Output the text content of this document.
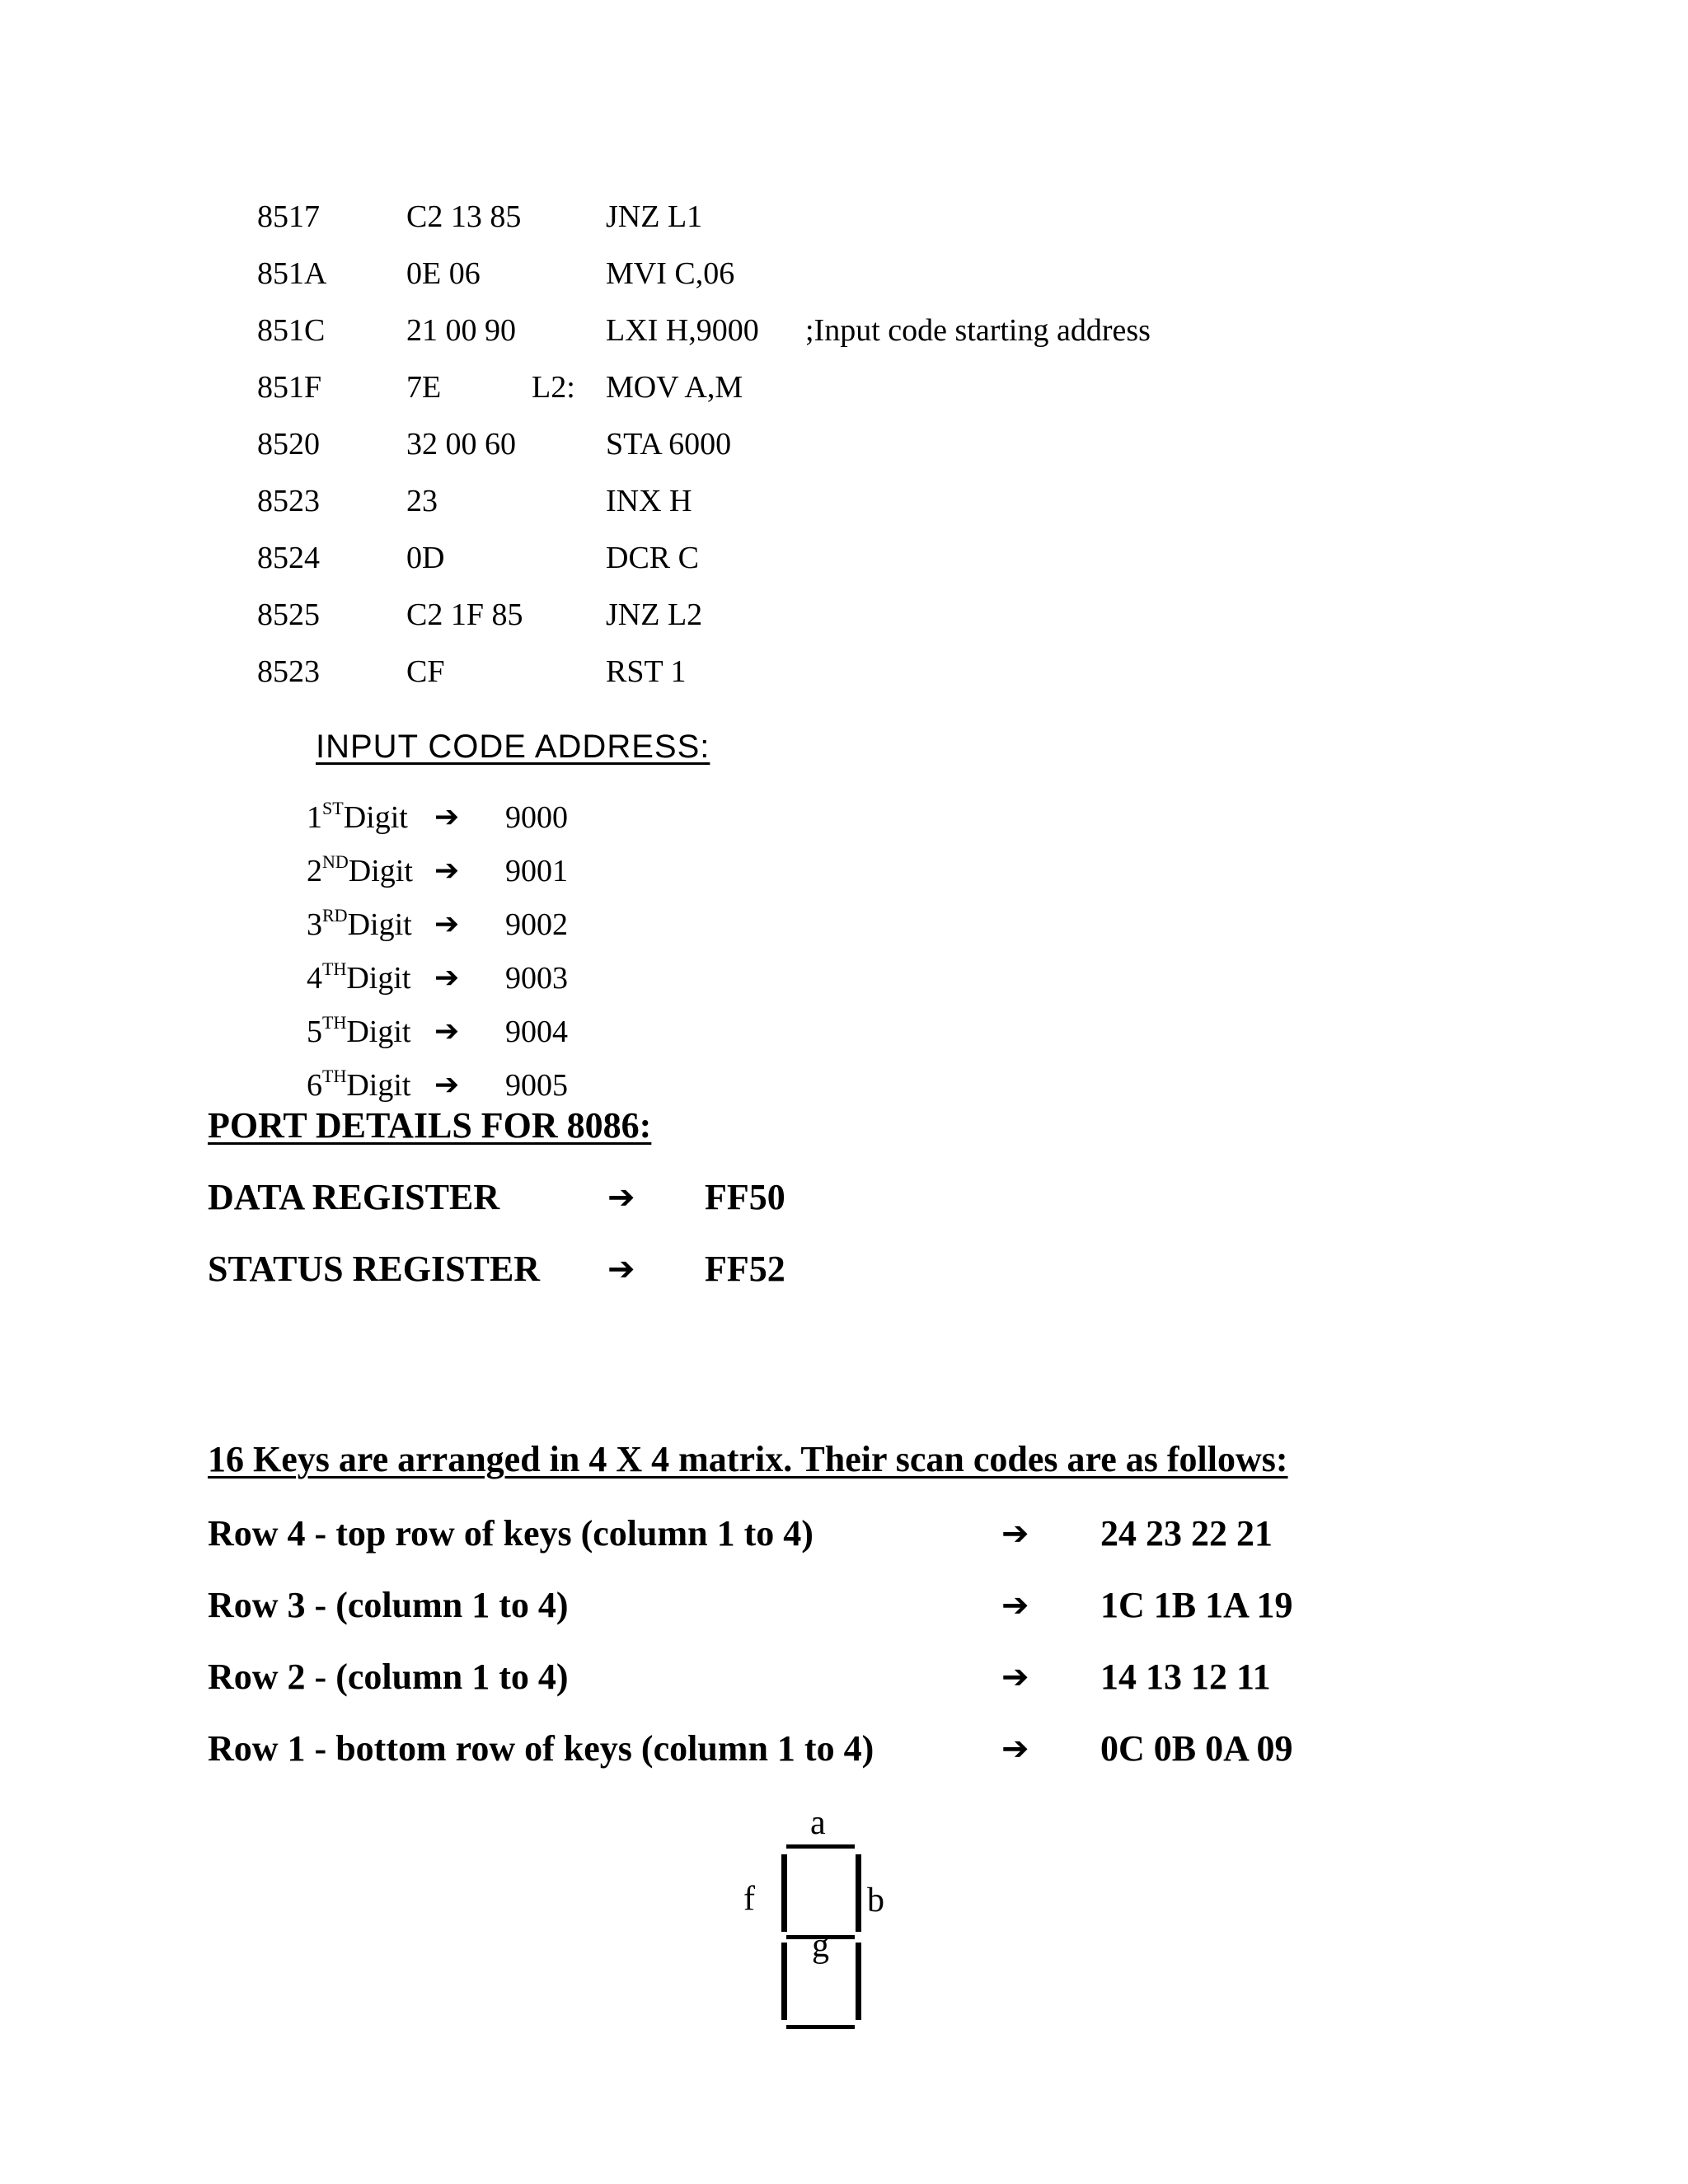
8517	C2 13 85	JNZ L1
851A	0E 06	MVI C,06
851C	21 00 90	LXI H,9000 ;Input code starting address
851F	7E	L2: MOV A,M
8520	32 00 60	STA 6000
8523	23	INX H
8524	0D	DCR C
8525	C2 1F 85	JNZ L2
8523	CF	RST 1
INPUT CODE ADDRESS:
1STDigit ➔ 9000
2NDDigit ➔ 9001
3RDDigit ➔ 9002
4THDigit ➔ 9003
5THDigit ➔ 9004
6THDigit ➔ 9005
PORT DETAILS FOR 8086:
DATA REGISTER	➔ FF50
STATUS REGISTER ➔ FF52
16 Keys are arranged in 4 X 4 matrix. Their scan codes are as follows:
Row 4 - top row of keys (column 1 to 4)	➔ 24 23 22 21
Row 3 - (column 1 to 4)	➔ 1C 1B 1A 19
Row 2 - (column 1 to 4)	➔ 14 13 12 11
Row 1 - bottom row of keys (column 1 to 4)	➔ 0C 0B 0A 09
a
b
f
g
